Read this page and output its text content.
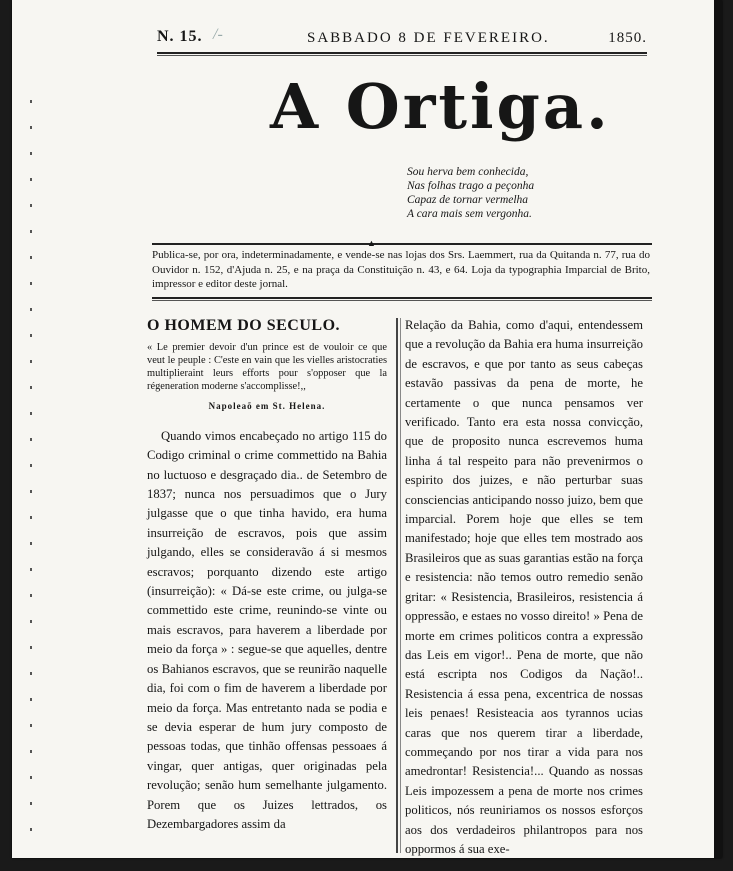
N. 15. /-	SABBADO 8 DE FEVEREIRO.	1850.
A Ortiga.
Sou herva bem conhecida,
Nas folhas trago a peçonha
Capaz de tornar vermelha
A cara mais sem vergonha.
▲
Publica-se, por ora, indeterminadamente, e vende-se nas lojas dos Srs. Laemmert, rua da Quitanda n. 77, rua do Ouvidor n. 152, d'Ajuda n. 25, e na praça da Constituição n. 43, e 64. Loja da typographia Imparcial de Brito, impressor e editor deste jornal.
O HOMEM DO SECULO.
« Le premier devoir d'un prince est de vouloir ce que veut le peuple : C'este en vain que les vielles aristocraties multiplieraint leurs efforts pour s'opposer que la régeneration moderne s'accomplisse!,,
Napoleaõ em St. Helena.

Quando vimos encabeçado no artigo 115 do Codigo criminal o crime commettido na Bahia no luctuoso e desgraçado dia.. de Setembro de 1837; nunca nos persuadimos que o Jury julgasse que o que tinha havido, era huma insurreição de escravos, pois que assim julgando, elles se consideravão á si mesmos escravos; porquanto dizendo este artigo (insurreição): « Dá-se este crime, ou julga-se commettido este crime, reunindo-se vinte ou mais escravos, para haverem a liberdade por meio da força » : segue-se que aquelles, dentre os Bahianos escravos, que se reunirão naquelle dia, foi com o fim de haverem a liberdade por meio da força. Mas entretanto nada se podia e se devia esperar de hum jury composto de pessoas todas, que tinhão offensas pessoaes á vingar, quer antigas, quer originadas pela revolução; senão hum semelhante julgamento. Porem que os Juizes lettrados, os Dezembargadores assim da

Relação da Bahia, como d'aqui, entendessem que a revolução da Bahia era huma insurreição de escravos, e que por tanto as seus cabeças estavão passivas da pena de morte, he certamente o que nunca pensamos ver verificado. Tanto era esta nossa convicção, que de proposito nunca escrevemos huma linha á tal respeito para não prevenirmos o espirito dos juizes, e não perturbar suas consciencias anticipando nosso juizo, bem que imparcial. Porem hoje que elles se tem manifestado; hoje que elles tem mostrado aos Brasileiros que as suas garantias estão na força e resistencia: não temos outro remedio senão gritar: « Resistencia, Brasileiros, resistencia á oppressão, e estaes no vosso direito! » Pena de morte em crimes politicos contra a expressão das Leis em vigor!.. Pena de morte, que não está escripta nos Codigos da Nação!.. Resistencia á essa pena, excentrica de nossas leis penaes! Resisteacia aos tyrannos ucias caras que nos querem tirar a liberdade, commeçando por nos tirar a vida para nos amedrontar! Resistencia!... Quando as nossas Leis impozessem a pena de morte nos crimes politicos, nós reuniriamos os nossos esforços aos dos verdadeiros philantropos para nos oppormos á sua exe-
